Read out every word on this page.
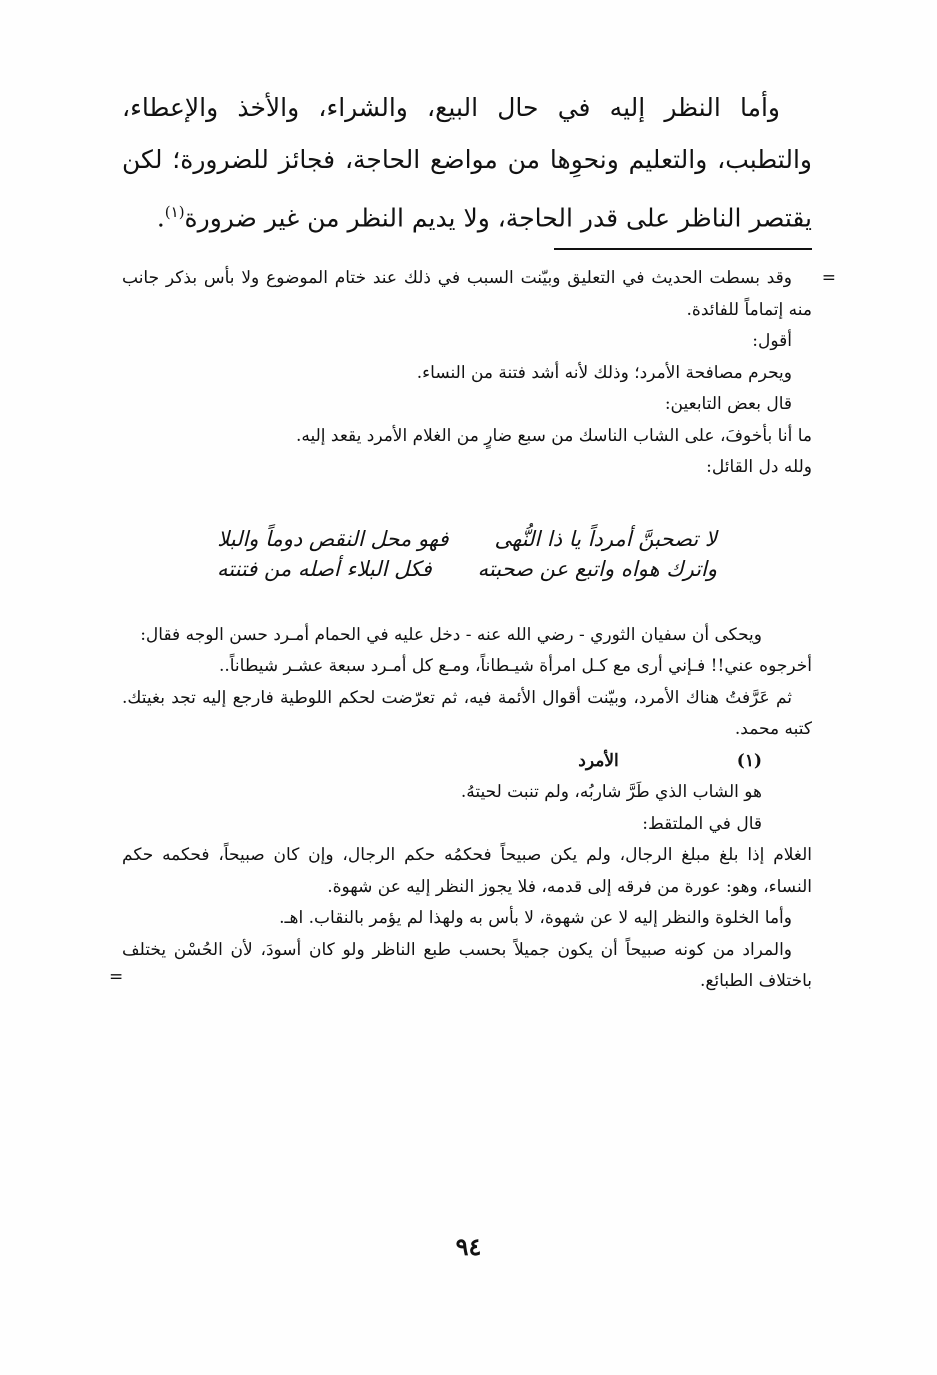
وأما النظر إليه في حال البيع، والشراء، والأخذ والإعطاء، والتطبب، والتعليم ونحوِها من مواضع الحاجة، فجائز للضرورة؛ لكن يقتصر الناظر على قدر الحاجة، ولا يديم النظر من غير ضرورة$^{(١)}$.

=

وقد بسطت الحديث في التعليق وبيّنت السبب في ذلك عند ختام الموضوع ولا بأس بذكر جانب منه إتماماً للفائدة.

أقول:

ويحرم مصافحة الأمرد؛ وذلك لأنه أشد فتنة من النساء.

قال بعض التابعين:

ما أنا بأخوفَ، على الشاب الناسك من سبع ضارٍ من الغلام الأمرد يقعد إليه.

ولله دل القائل:

لا تصحبنَّ أمرداً يا ذا النُّهى
فهو محل النقص دوماً والبلا
واترك هواه واتبع عن صحبته
فكل البلاء أصله من فتنته

ويحكى أن سفيان الثوري - رضي الله عنه - دخل عليه في الحمام أمـرد حسن الوجه فقال:

أخرجوه عني!! فـإني أرى مع كـل امرأة شيـطاناً، ومـع كل أمـرد سبعة عشـر شيطاناً..

ثم عَرَّفتُ هناك الأمرد، وبيّنت أقوال الأئمة فيه، ثم تعرّضت لحكم اللوطية فارجع إليه تجد بغيتك. كتبه محمد.

(١)
الأمرد

هو الشاب الذي طَرَّ شاربُه، ولم تنبت لحيتهُ.

قال في الملتقط:

الغلام إذا بلغ مبلغ الرجال، ولم يكن صبيحاً فحكمُه حكم الرجال، وإن كان صبيحاً، فحكمه حكم النساء، وهو: عورة من فرقه إلى قدمه، فلا يجوز النظر إليه عن شهوة.

وأما الخلوة والنظر إليه لا عن شهوة، لا بأس به ولهذا لم يؤمر بالنقاب. اهـ.

والمراد من كونه صبيحاً أن يكون جميلاً بحسب طبع الناظر ولو كان أسودَ، لأن الحُسْن يختلف باختلاف الطبائع.

=
٩٤
